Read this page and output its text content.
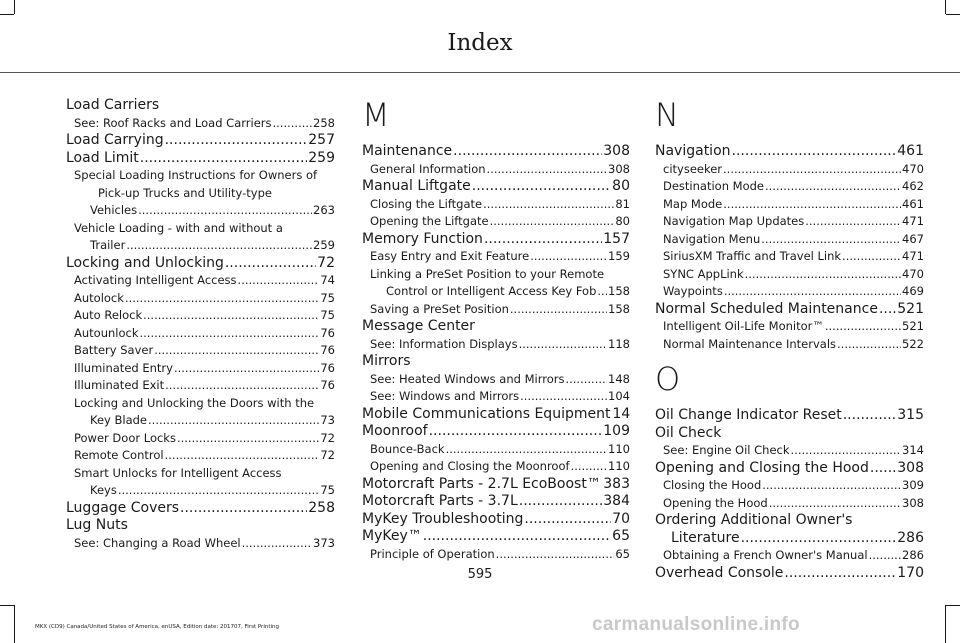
Index
Load Carriers
See: Roof Racks and Load Carriers .....	258
Load Carrying .....	257
Load Limit .....	259
Special Loading Instructions for Owners of
Pick-up Trucks and Utility-type
Vehicles .....	263
Vehicle Loading - with and without a
Trailer .....	259
Locking and Unlocking .....	72
Activating Intelligent Access .....	74
Autolock .....	75
Auto Relock .....	75
Autounlock .....	76
Battery Saver .....	76
Illuminated Entry .....	76
Illuminated Exit .....	76
Locking and Unlocking the Doors with the
Key Blade .....	73
Power Door Locks .....	72
Remote Control .....	72
Smart Unlocks for Intelligent Access
Keys .....	75
Luggage Covers .....	258
Lug Nuts
See: Changing a Road Wheel .....	373
M
Maintenance .....	308
General Information .....	308
Manual Liftgate .....	80
Closing the Liftgate .....	81
Opening the Liftgate .....	80
Memory Function .....	157
Easy Entry and Exit Feature .....	159
Linking a PreSet Position to your Remote
Control or Intelligent Access Key Fob ..... 158
Saving a PreSet Position .....	158
Message Center
See: Information Displays .....	118
Mirrors
See: Heated Windows and Mirrors .....	148
See: Windows and Mirrors .....	104
Mobile Communications Equipment 14
Moonroof .....	109
Bounce-Back .....	110
Opening and Closing the Moonroof .....	110
Motorcraft Parts - 2.7L EcoBoost™ ..... 383
Motorcraft Parts - 3.7L .....	384
MyKey Troubleshooting .....	70
MyKey™ .....	65
Principle of Operation .....	65
N
Navigation .....	461
cityseeker .....	470
Destination Mode .....	462
Map Mode .....	461
Navigation Map Updates .....	471
Navigation Menu .....	467
SiriusXM Traffic and Travel Link .....	471
SYNC AppLink .....	470
Waypoints .....	469
Normal Scheduled Maintenance ..... 521
Intelligent Oil-Life Monitor™ .....	521
Normal Maintenance Intervals .....	522
O
Oil Change Indicator Reset .....	315
Oil Check
See: Engine Oil Check .....	314
Opening and Closing the Hood ..... 308
Closing the Hood .....	309
Opening the Hood .....	308
Ordering Additional Owner's
Literature .....	286
Obtaining a French Owner's Manual .....	286
Overhead Console .....	170
595
MKX (CD9) Canada/United States of America, enUSA, Edition date: 201707, First Printing	carmanualsonline.info
